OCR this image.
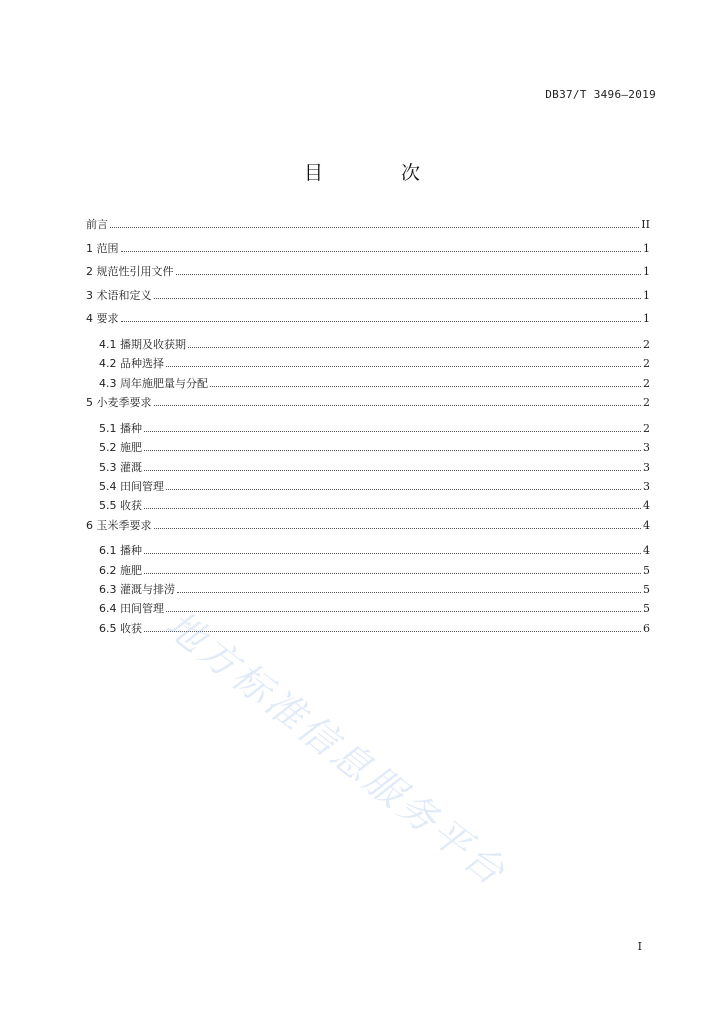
DB37/T 3496—2019
目 次
前言	II
1 范围	1
2 规范性引用文件	1
3 术语和定义	1
4 要求	1
4.1 播期及收获期	2
4.2 品种选择	2
4.3 周年施肥量与分配	2
5 小麦季要求	2
5.1 播种	2
5.2 施肥	3
5.3 灌溉	3
5.4 田间管理	3
5.5 收获	4
6 玉米季要求	4
6.1 播种	4
6.2 施肥	5
6.3 灌溉与排涝	5
6.4 田间管理	5
6.5 收获	6
I
地方标准信息服务平台
